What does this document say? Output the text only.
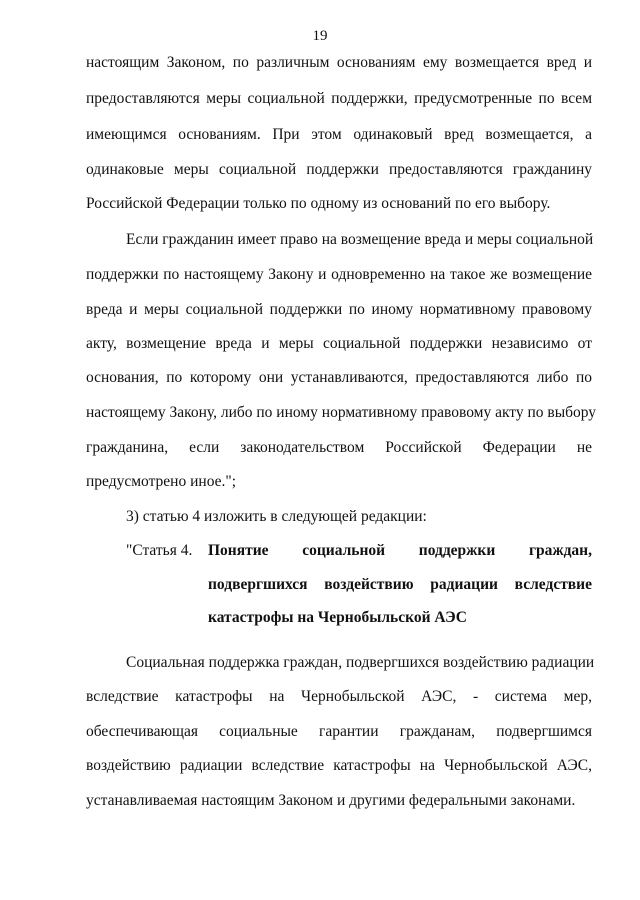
19
настоящим Законом, по различным основаниям ему возмещается вред и
предоставляются меры социальной поддержки, предусмотренные по всем
имеющимся основаниям. При этом одинаковый вред возмещается, а
одинаковые меры социальной поддержки предоставляются гражданину
Российской Федерации только по одному из оснований по его выбору.
Если гражданин имеет право на возмещение вреда и меры социальной
поддержки по настоящему Закону и одновременно на такое же возмещение
вреда и меры социальной поддержки по иному нормативному правовому
акту, возмещение вреда и меры социальной поддержки независимо от
основания, по которому они устанавливаются, предоставляются либо по
настоящему Закону, либо по иному нормативному правовому акту по выбору
гражданина, если законодательством Российской Федерации не
предусмотрено иное.";
3) статью 4 изложить в следующей редакции:
"Статья 4. Понятие социальной поддержки граждан,
подвергшихся воздействию радиации вследствие
катастрофы на Чернобыльской АЭС
Социальная поддержка граждан, подвергшихся воздействию радиации
вследствие катастрофы на Чернобыльской АЭС, - система мер,
обеспечивающая социальные гарантии гражданам, подвергшимся
воздействию радиации вследствие катастрофы на Чернобыльской АЭС,
устанавливаемая настоящим Законом и другими федеральными законами.
